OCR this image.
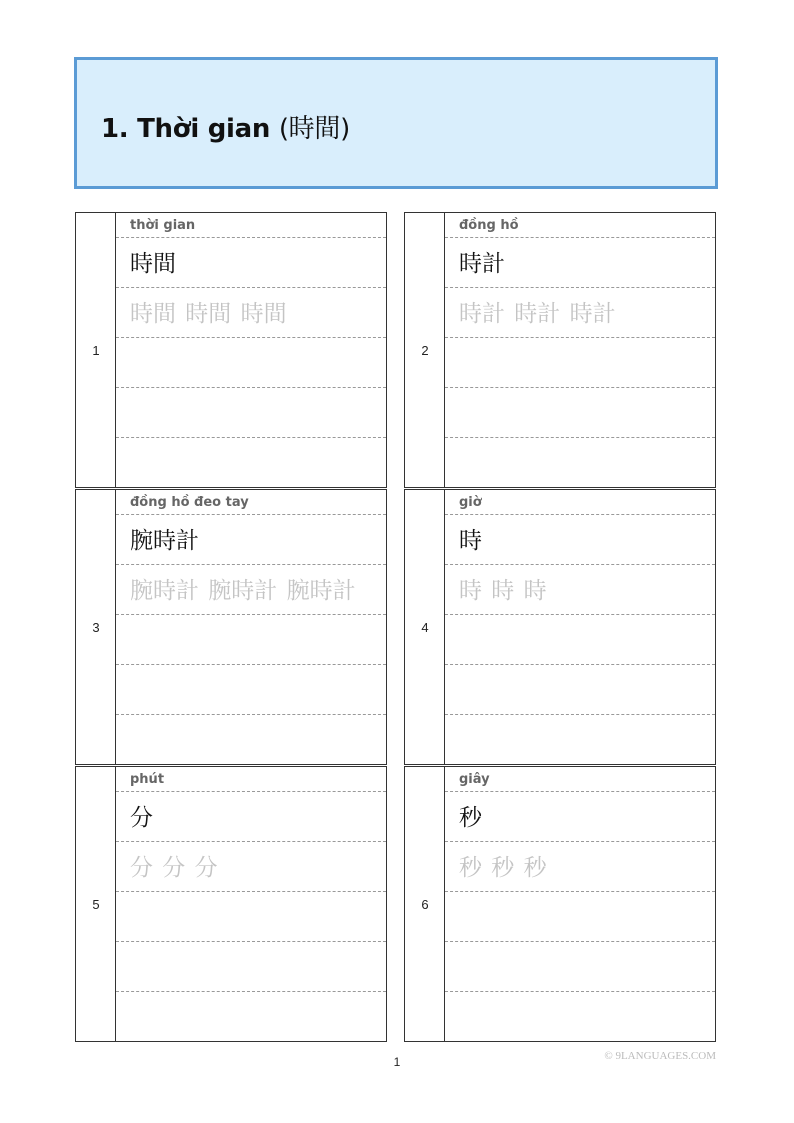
1. Thời gian (時間)
1
thời gian
時間
時間 時間 時間
2
đồng hồ
時計
時計 時計 時計
3
đồng hồ đeo tay
腕時計
腕時計 腕時計 腕時計
4
giờ
時
時 時 時
5
phút
分
分 分 分
6
giây
秒
秒 秒 秒
1	© 9LANGUAGES.COM
